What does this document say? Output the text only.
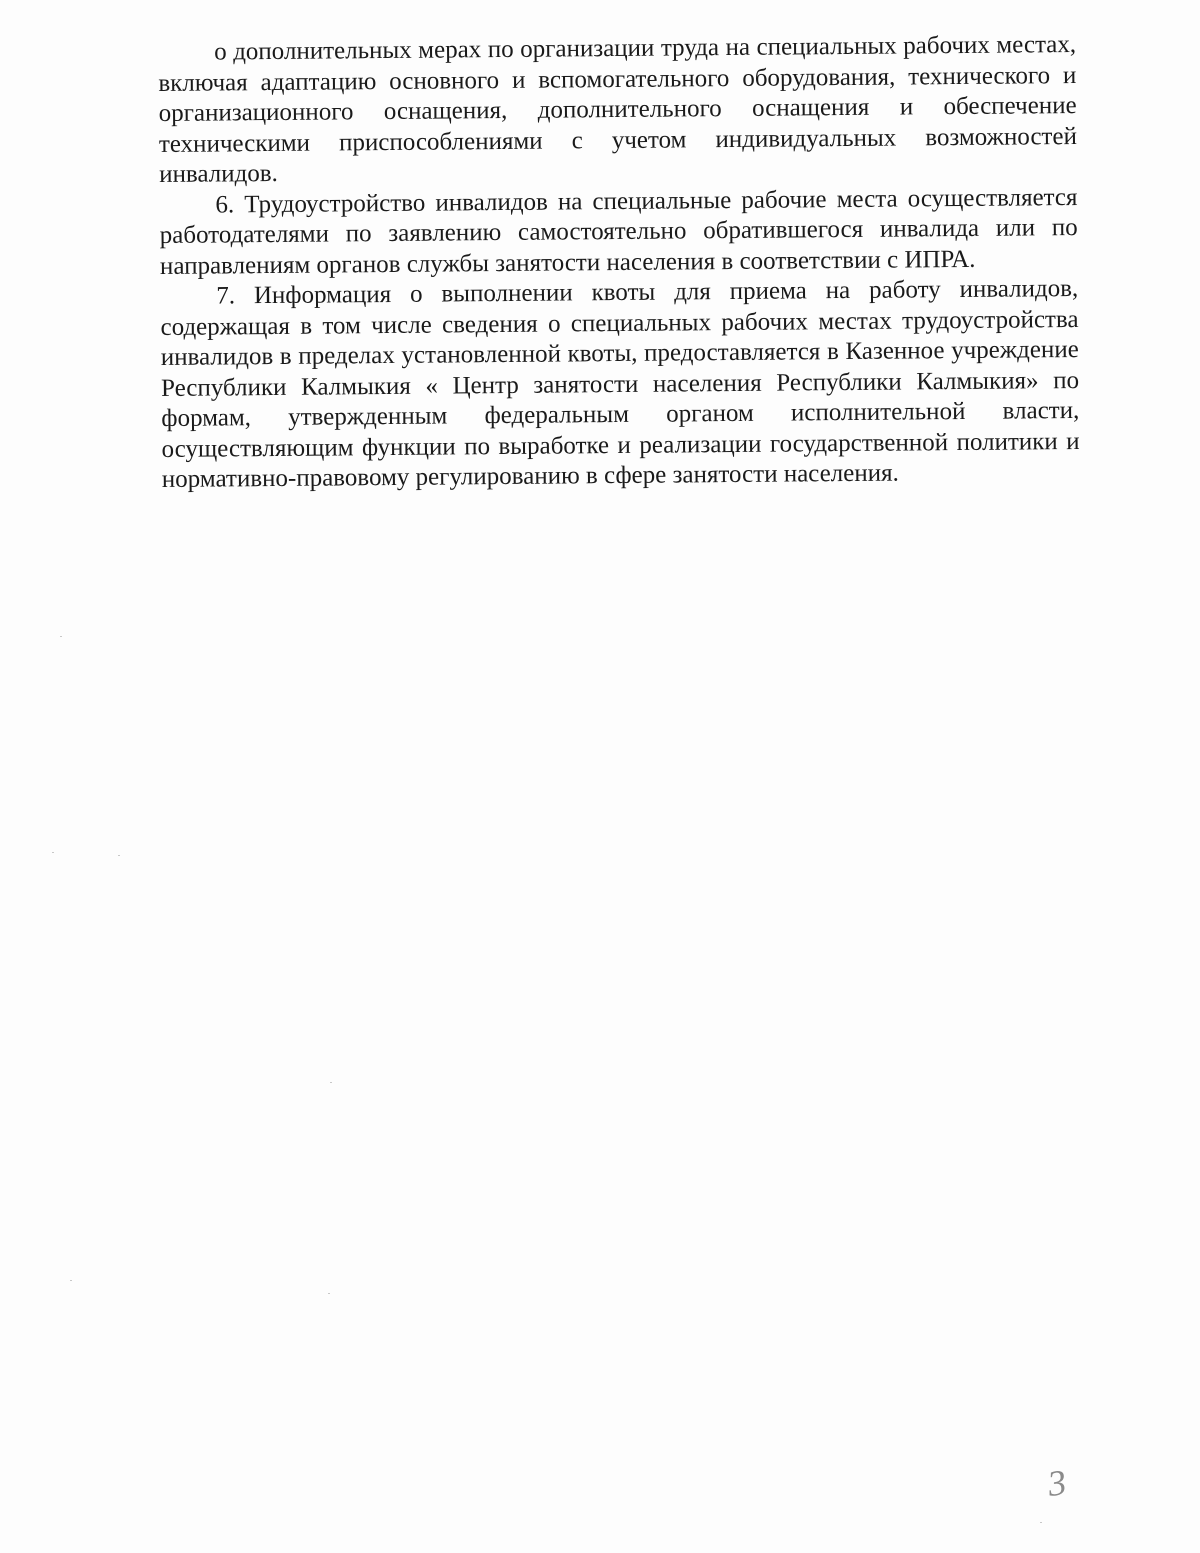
о дополнительных мерах по организации труда на специальных рабочих местах, включая адаптацию основного и вспомогательного оборудования, технического и организационного оснащения, дополнительного оснащения и обеспечение техническими приспособлениями с учетом индивидуальных возможностей инвалидов.

6. Трудоустройство инвалидов на специальные рабочие места осуществляется работодателями по заявлению самостоятельно обратившегося инвалида или по направлениям органов службы занятости населения в соответствии с ИПРА.

7. Информация о выполнении квоты для приема на работу инвалидов, содержащая в том числе сведения о специальных рабочих местах трудоустройства инвалидов в пределах установленной квоты, предоставляется в Казенное учреждение Республики Калмыкия « Центр занятости населения Республики Калмыкия» по формам, утвержденным федеральным органом исполнительной власти, осуществляющим функции по выработке и реализации государственной политики и нормативно-правовому регулированию в сфере занятости населения.

3
